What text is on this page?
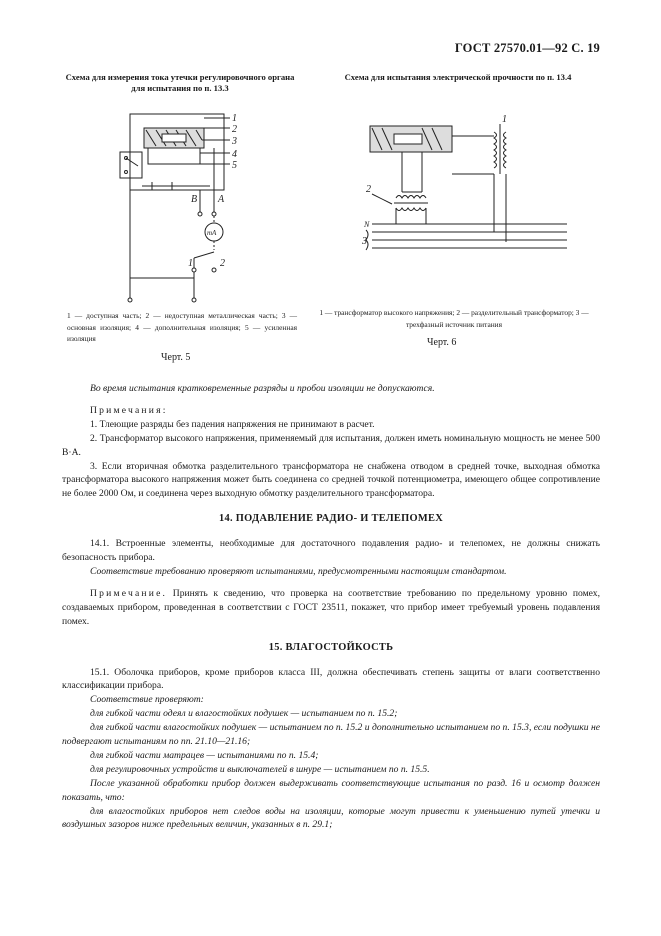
ГОСТ 27570.01—92 С. 19
Схема для измерения тока утечки регулировочного органа для испытания по п. 13.3
1
2
3
4
5
B A
mA
1	2
1 — доступная часть; 2 — недоступная металлическая часть; 3 — основная изоляция; 4 — дополнительная изоляция; 5 — усиленная изоляция
Черт. 5
Схема для испытания электрической прочности по п. 13.4
1
2
3
N
1 — трансформатор высокого напряжения; 2 — разделительный трансформатор; 3 — трехфазный источник питания
Черт. 6

Во время испытания кратковременные разряды и пробои изоляции не допускаются.

Примечания:

1. Тлеющие разряды без падения напряжения не принимают в расчет.

2. Трансформатор высокого напряжения, применяемый для испытания, должен иметь номинальную мощность не менее 500 В·А.

3. Если вторичная обмотка разделительного трансформатора не снабжена отводом в средней точке, выходная обмотка трансформатора высокого напряжения может быть соединена со средней точкой потенциометра, имеющего общее сопротивление не более 2000 Ом, и соединена через выходную обмотку разделительного трансформатора.

14. ПОДАВЛЕНИЕ РАДИО- И ТЕЛЕПОМЕХ

14.1. Встроенные элементы, необходимые для достаточного подавления радио- и телепомех, не должны снижать безопасность прибора.

Соответствие требованию проверяют испытаниями, предусмотренными настоящим стандартом.

Примечание. Принять к сведению, что проверка на соответствие требованию по предельному уровню помех, создаваемых прибором, проведенная в соответствии с ГОСТ 23511, покажет, что прибор имеет требуемый уровень подавления помех.

15. ВЛАГОСТОЙКОСТЬ

15.1. Оболочка приборов, кроме приборов класса III, должна обеспечивать степень защиты от влаги соответственно классификации прибора.

Соответствие проверяют:

для гибкой части одеял и влагостойких подушек — испытанием по п. 15.2;

для гибкой части влагостойких подушек — испытанием по п. 15.2 и дополнительно испытанием по п. 15.3, если подушки не подвергают испытаниям по пп. 21.10—21.16;

для гибкой части матрацев — испытаниями по п. 15.4;

для регулировочных устройств и выключателей в шнуре — испытанием по п. 15.5.

После указанной обработки прибор должен выдерживать соответствующие испытания по разд. 16 и осмотр должен показать, что:

для влагостойких приборов нет следов воды на изоляции, которые могут привести к уменьшению путей утечки и воздушных зазоров ниже предельных величин, указанных в п. 29.1;
